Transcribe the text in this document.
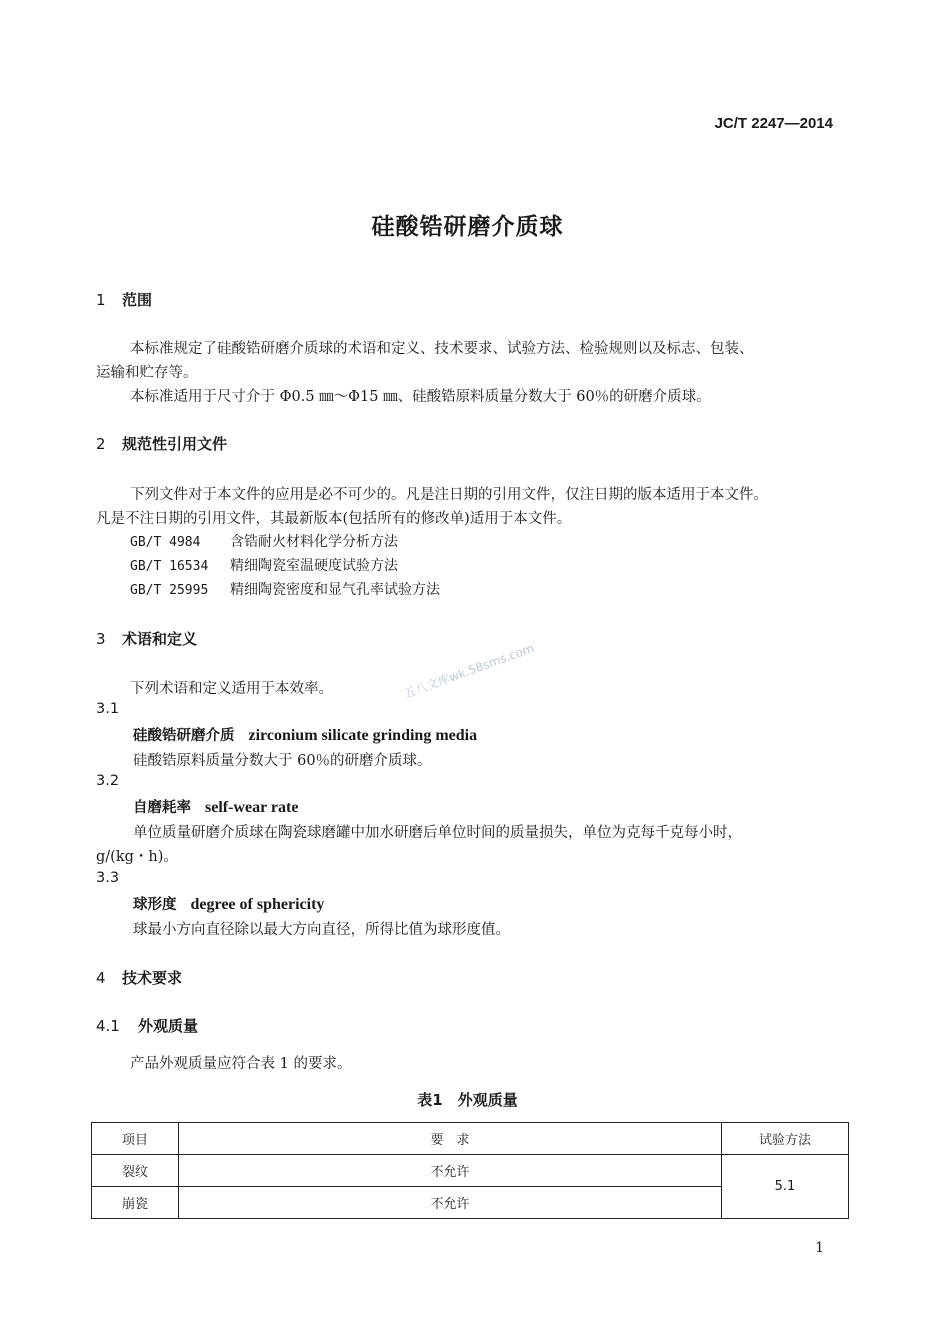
JC/T 2247—2014
硅酸锆研磨介质球
1 范围
本标准规定了硅酸锆研磨介质球的术语和定义、技术要求、试验方法、检验规则以及标志、包装、
运输和贮存等。
本标准适用于尺寸介于 Φ0.5 ㎜～Φ15 ㎜、硅酸锆原料质量分数大于 60％的研磨介质球。
2 规范性引用文件
下列文件对于本文件的应用是必不可少的。凡是注日期的引用文件，仅注日期的版本适用于本文件。
凡是不注日期的引用文件，其最新版本(包括所有的修改单)适用于本文件。
GB/T 4984 含锆耐火材料化学分析方法
GB/T 16534 精细陶瓷室温硬度试验方法
GB/T 25995 精细陶瓷密度和显气孔率试验方法
3 术语和定义
下列术语和定义适用于本效率。
3.1
硅酸锆研磨介质 zirconium silicate grinding media
硅酸锆原料质量分数大于 60％的研磨介质球。
3.2
自磨耗率 self-wear rate
单位质量研磨介质球在陶瓷球磨罐中加水研磨后单位时间的质量损失，单位为克每千克每小时，
g/(kg・h)。
3.3
球形度 degree of sphericity
球最小方向直径除以最大方向直径，所得比值为球形度值。
4 技术要求
4.1 外观质量
产品外观质量应符合表 1 的要求。
表1　外观质量
项目	要　求	试验方法
裂纹	不允许	5.1
崩瓷	不允许	
五八文库wk.58sms.com
1
